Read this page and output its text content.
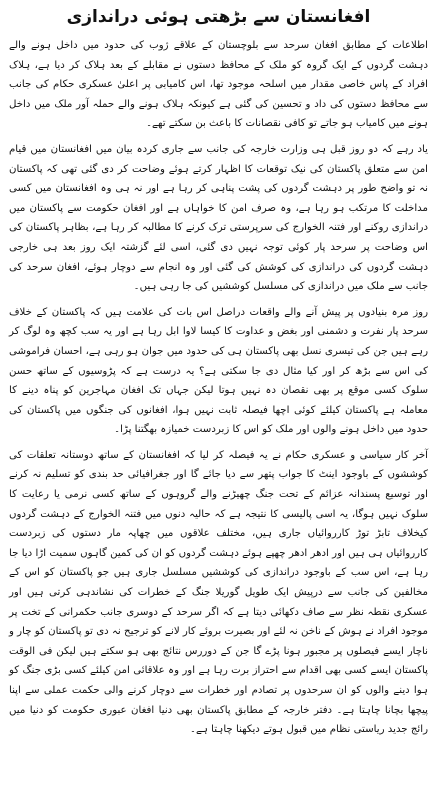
افغانستان سے بڑھتی ہوئی دراندازی

اطلاعات کے مطابق افغان سرحد سے بلوچستان کے علاقے ژوب کی حدود میں داخل ہونے والے دہشت گردوں کے ایک گروہ کو ملک کے محافظ دستوں نے مقابلے کے بعد ہلاک کر دیا ہے، ہلاک افراد کے پاس خاصی مقدار میں اسلحہ موجود تھا، اس کامیابی پر اعلیٰ عسکری حکام کی جانب سے محافظ دستوں کی داد و تحسین کی گئی ہے کیونکہ ہلاک ہونے والے حملہ آور ملک میں داخل ہونے میں کامیاب ہو جاتے تو کافی نقصانات کا باعث بن سکتے تھے۔

یاد رہے کہ دو روز قبل ہی وزارت خارجہ کی جانب سے جاری کردہ بیان میں افغانستان میں قیام امن سے متعلق پاکستان کی نیک توقعات کا اظہار کرتے ہوئے وضاحت کر دی گئی تھی کہ پاکستان نہ تو واضح طور پر دہشت گردوں کی پشت پناہی کر رہا ہے اور نہ ہی وہ افغانستان میں کسی مداخلت کا مرتکب ہو رہا ہے، وہ صرف امن کا خواہاں ہے اور افغان حکومت سے پاکستان میں دراندازی روکنے اور فتنہ الخوارج کی سرپرستی ترک کرنے کا مطالبہ کر رہا ہے، بظاہر پاکستان کی اس وضاحت پر سرحد پار کوئی توجہ نہیں دی گئی، اسی لئے گزشتہ ایک روز بعد ہی خارجی دہشت گردوں کی دراندازی کی کوشش کی گئی اور وہ انجام سے دوچار ہوئے، افغان سرحد کی جانب سے ملک میں دراندازی کی مسلسل کوششیں کی جا رہی ہیں۔

روز مرہ بنیادوں پر پیش آنے والے واقعات دراصل اس بات کی علامت ہیں کہ پاکستان کے خلاف سرحد پار نفرت و دشمنی اور بغض و عداوت کا کیسا لاوا ابل رہا ہے اور یہ سب کچھ وہ لوگ کر رہے ہیں جن کی تیسری نسل بھی پاکستان ہی کی حدود میں جوان ہو رہی ہے، احسان فراموشی کی اس سے بڑھ کر اور کیا مثال دی جا سکتی ہے؟ یہ درست ہے کہ پڑوسیوں کے ساتھ حسن سلوک کسی موقع پر بھی نقصان دہ نہیں ہوتا لیکن جہاں تک افغان مہاجرین کو پناہ دینے کا معاملہ ہے پاکستان کیلئے کوئی اچھا فیصلہ ثابت نہیں ہوا، افغانوں کی جنگوں میں پاکستان کی حدود میں داخل ہونے والوں اور ملک کو اس کا زبردست خمیازہ بھگتنا پڑا۔

آخر کار سیاسی و عسکری حکام نے یہ فیصلہ کر لیا کہ افغانستان کے ساتھ دوستانہ تعلقات کی کوششوں کے باوجود اینٹ کا جواب پتھر سے دیا جائے گا اور جغرافیائی حد بندی کو تسلیم نہ کرنے اور توسیع پسندانہ عزائم کے تحت جنگ چھیڑنے والے گروہوں کے ساتھ کسی نرمی یا رعایت کا سلوک نہیں ہوگا، یہ اسی پالیسی کا نتیجہ ہے کہ حالیہ دنوں میں فتنہ الخوارج کے دہشت گردوں کیخلاف تابڑ توڑ کارروائیاں جاری ہیں، مختلف علاقوں میں چھاپہ مار دستوں کی زبردست کارروائیاں ہی ہیں اور ادھر ادھر چھپے ہوئے دہشت گردوں کو ان کی کمین گاہوں سمیت اڑا دیا جا رہا ہے، اس سب کے باوجود دراندازی کی کوششیں مسلسل جاری ہیں جو پاکستان کو اس کے مخالفین کی جانب سے درپیش ایک طویل گوریلا جنگ کے خطرات کی نشاندہی کرتی ہیں اور عسکری نقطہ نظر سے صاف دکھائی دیتا ہے کہ اگر سرحد کے دوسری جانب حکمرانی کے تخت پر موجود افراد نے ہوش کے ناخن نہ لئے اور بصیرت بروئے کار لانے کو ترجیح نہ دی تو پاکستان کو چار و ناچار ایسے فیصلوں پر مجبور ہونا پڑے گا جن کے دوررس نتائج بھی ہو سکتے ہیں لیکن فی الوقت پاکستان ایسے کسی بھی اقدام سے احتراز برت رہا ہے اور وہ علاقائی امن کیلئے کسی بڑی جنگ کو ہوا دینے والوں کو ان سرحدوں پر تصادم اور خطرات سے دوچار کرنے والی حکمت عملی سے اپنا پیچھا بچانا چاہتا ہے۔ دفتر خارجہ کے مطابق پاکستان بھی دنیا افغان عبوری حکومت کو دنیا میں رائج جدید ریاستی نظام میں قبول ہوتے دیکھنا چاہتا ہے۔
